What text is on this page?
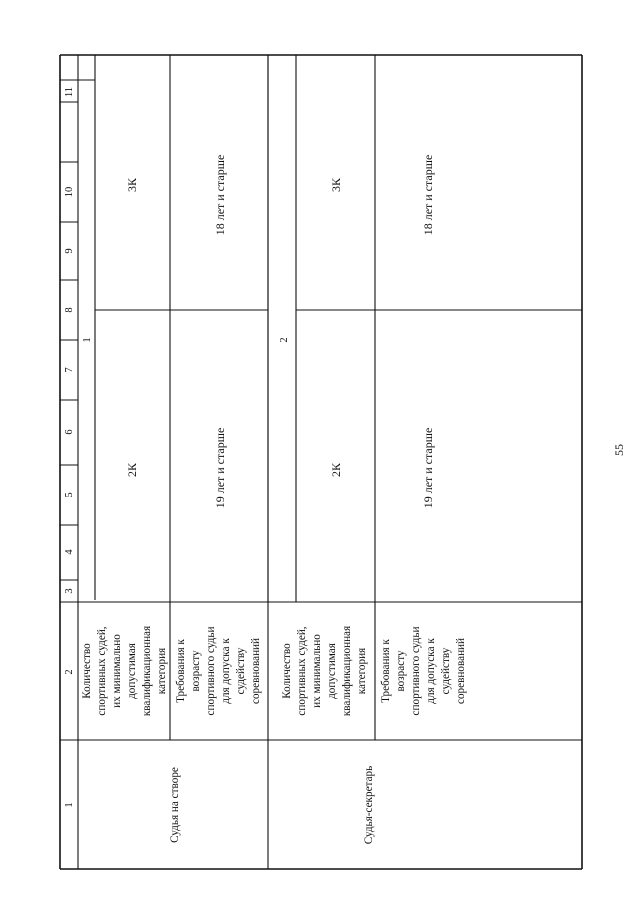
55
1
2
3
4
5
6
7
8
9
10
11
1
Судья на створе
Количество спортивных судей, их минимально допустимая квалификационная категория
2К
3К
Требования к возрасту спортивного судьи для допуска к судейству соревнований
19 лет и старше
18 лет и старше
2
Судья-секретарь
Количество спортивных судей, их минимально допустимая квалификационная категория
2К
3К
Требования к возрасту спортивного судьи для допуска к судейству соревнований
19 лет и старше
18 лет и старше
